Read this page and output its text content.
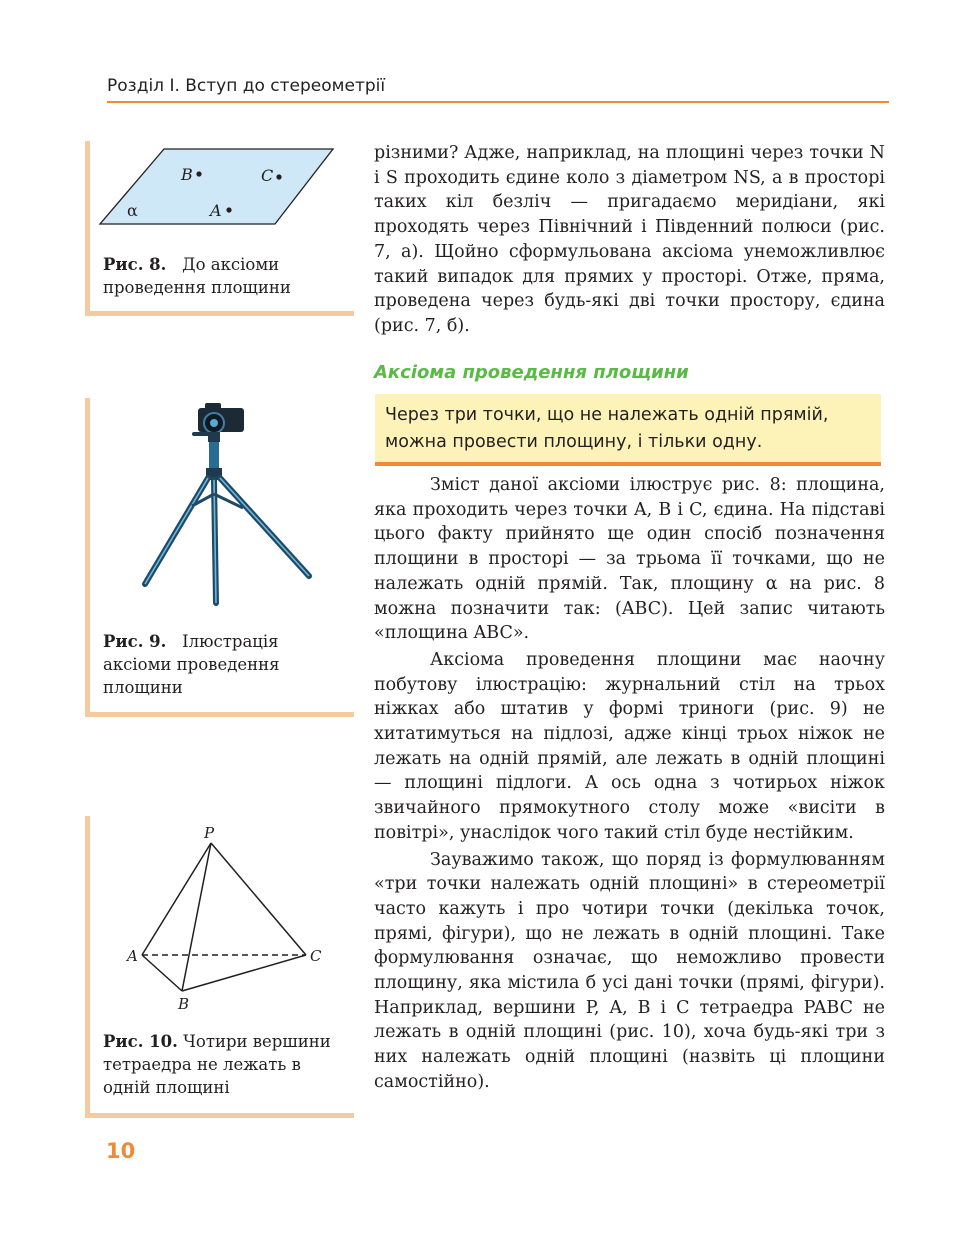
Розділ I. Вступ до стереометрії
B	C
A
α
Рис. 8. До аксіоми проведення площини
Рис. 9. Ілюстрація аксіоми проведення площини
P
A	C
B
Рис. 10. Чотири вершини тетраедра не лежать в одній площині

різними? Адже, наприклад, на площині через точки N і S проходить єдине коло з діаметром NS, а в просторі таких кіл безліч — пригадаємо меридіани, які проходять через Північний і Південний полюси (рис. 7, а). Щойно сформульована аксіома унеможливлює такий випадок для прямих у просторі. Отже, пряма, проведена через будь-які дві точки простору, єдина (рис. 7, б).

Аксіома проведення площини
Через три точки, що не належать одній прямій, можна провести площину, і тільки одну.

Зміст даної аксіоми ілюструє рис. 8: площина, яка проходить через точки A, B і C, єдина. На підставі цього факту прийнято ще один спосіб позначення площини в просторі — за трьома її точками, що не належать одній прямій. Так, площину α на рис. 8 можна позначити так: (ABC). Цей запис читають «площина ABC».

Аксіома проведення площини має наочну побутову ілюстрацію: журнальний стіл на трьох ніжках або штатив у формі триноги (рис. 9) не хитатимуться на підлозі, адже кінці трьох ніжок не лежать на одній прямій, але лежать в одній площині — площині підлоги. А ось одна з чотирьох ніжок звичайного прямокутного столу може «висіти в повітрі», унаслідок чого такий стіл буде нестійким.

Зауважимо також, що поряд із формулюванням «три точки належать одній площині» в стереометрії часто кажуть і про чотири точки (декілька точок, прямі, фігури), що не лежать в одній площині. Таке формулювання означає, що неможливо провести площину, яка містила б усі дані точки (прямі, фігури). Наприклад, вершини P, A, B і C тетраедра PABC не лежать в одній площині (рис. 10), хоча будь-які три з них належать одній площині (назвіть ці площини самостійно).

10
